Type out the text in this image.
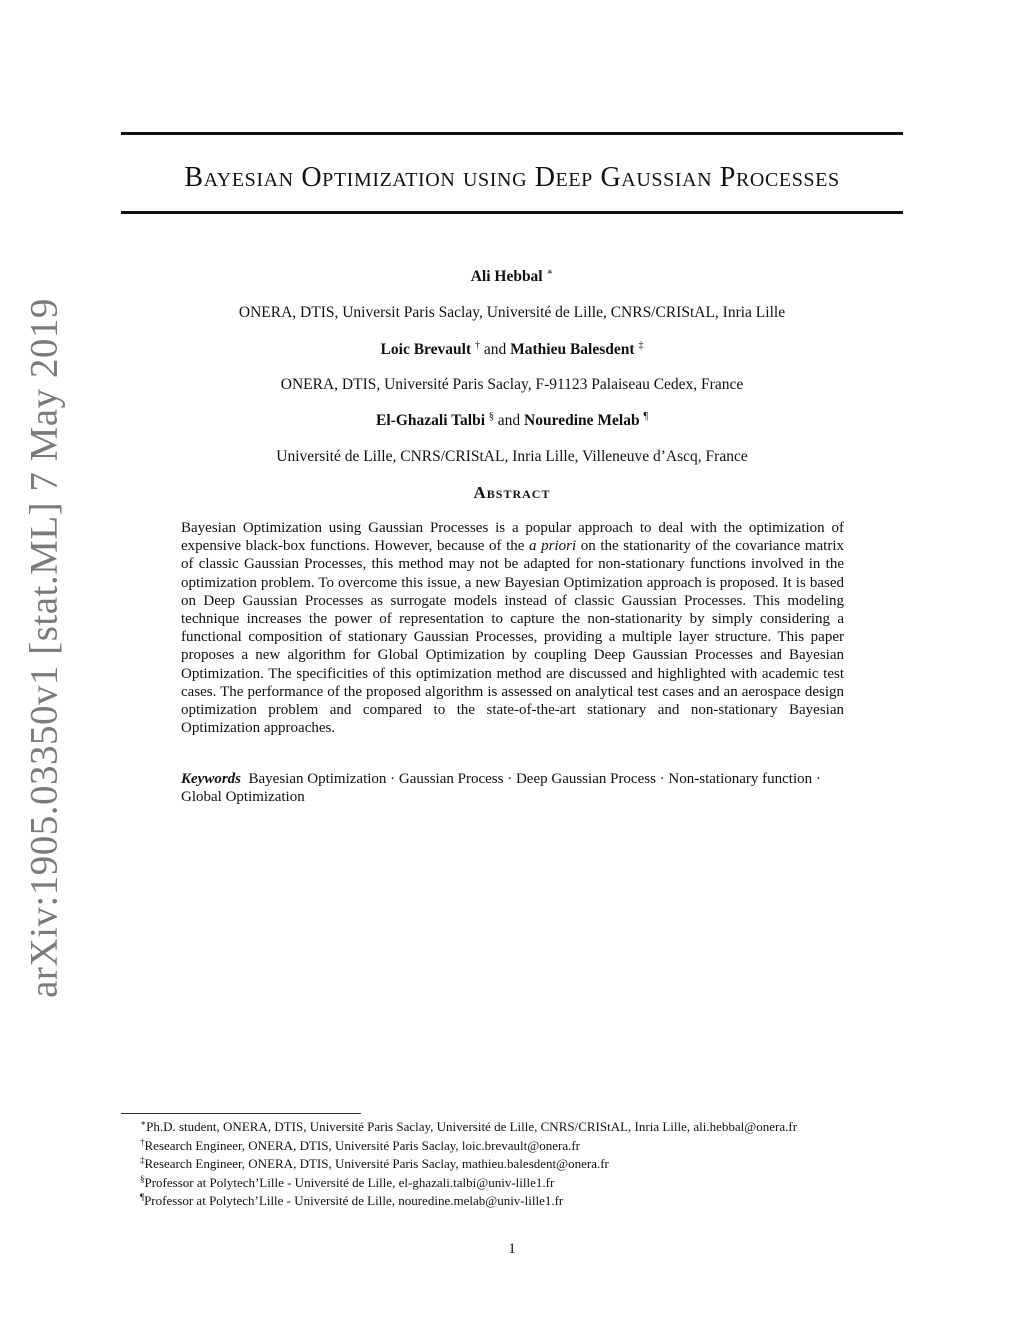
arXiv:1905.03350v1 [stat.ML] 7 May 2019
Bayesian Optimization using Deep Gaussian Processes
Ali Hebbal ∗
ONERA, DTIS, Universit Paris Saclay, Université de Lille, CNRS/CRIStAL, Inria Lille
Loic Brevault † and Mathieu Balesdent ‡
ONERA, DTIS, Université Paris Saclay, F-91123 Palaiseau Cedex, France
El-Ghazali Talbi § and Nouredine Melab ¶
Université de Lille, CNRS/CRIStAL, Inria Lille, Villeneuve d’Ascq, France
Abstract
Bayesian Optimization using Gaussian Processes is a popular approach to deal with the optimization of expensive black-box functions. However, because of the a priori on the stationarity of the covariance matrix of classic Gaussian Processes, this method may not be adapted for non-stationary functions involved in the optimization problem. To overcome this issue, a new Bayesian Optimization approach is proposed. It is based on Deep Gaussian Processes as surrogate models instead of classic Gaussian Processes. This modeling technique increases the power of representation to capture the non-stationarity by simply considering a functional composition of stationary Gaussian Processes, providing a multiple layer structure. This paper proposes a new algorithm for Global Optimization by coupling Deep Gaussian Processes and Bayesian Optimization. The specificities of this optimization method are discussed and highlighted with academic test cases. The performance of the proposed algorithm is assessed on analytical test cases and an aerospace design optimization problem and compared to the state-of-the-art stationary and non-stationary Bayesian Optimization approaches.
Keywords Bayesian Optimization · Gaussian Process · Deep Gaussian Process · Non-stationary function · Global Optimization
∗Ph.D. student, ONERA, DTIS, Université Paris Saclay, Université de Lille, CNRS/CRIStAL, Inria Lille, ali.hebbal@onera.fr
†Research Engineer, ONERA, DTIS, Université Paris Saclay, loic.brevault@onera.fr
‡Research Engineer, ONERA, DTIS, Université Paris Saclay, mathieu.balesdent@onera.fr
§Professor at Polytech’Lille - Université de Lille, el-ghazali.talbi@univ-lille1.fr
¶Professor at Polytech’Lille - Université de Lille, nouredine.melab@univ-lille1.fr
1
